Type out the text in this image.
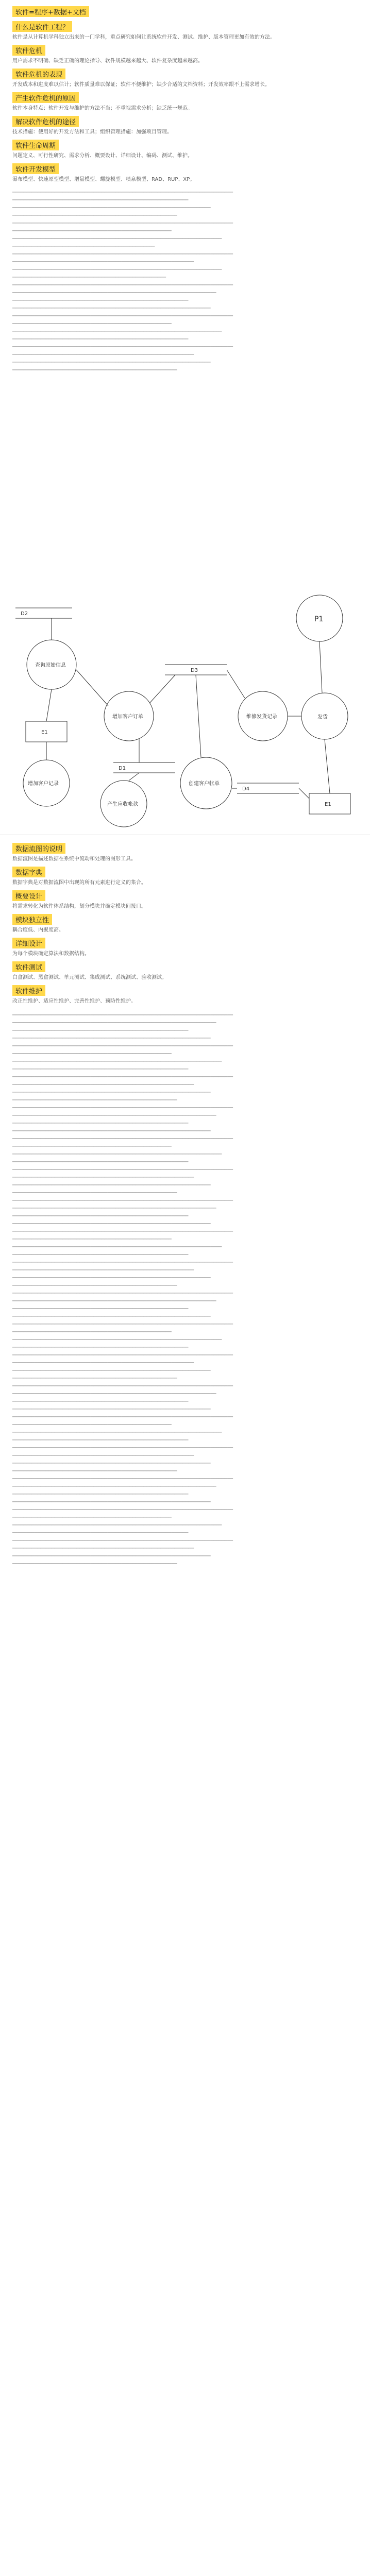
软件=程序+数据+文档
什么是软件工程？
软件是从计算机学科独立出来的一门学科，重点研究如何让系统软件开发、测试、维护、版本管理更加有效的方法。
软件危机
用户需求不明确、缺乏正确的理论指导、软件规模越来越大、软件复杂度越来越高。
软件危机的表现
开发成本和进度难以估计；软件质量难以保证；软件不便维护；缺少合适的文档资料；开发效率跟不上需求增长。
产生软件危机的原因
软件本身特点；软件开发与维护的方法不当；不重视需求分析；缺乏统一规范。
解决软件危机的途径
技术措施：使用好的开发方法和工具；组织管理措施：加强项目管理。
软件生命周期
问题定义、可行性研究、需求分析、概要设计、详细设计、编码、测试、维护。
软件开发模型
瀑布模型、快速原型模型、增量模型、螺旋模型、喷泉模型、RAD、RUP、XP。
───────────────────────────────────────────────────────────────────────────────
───────────────────────────────────────────────────────────────
───────────────────────────────────────────────────────────────────────
───────────────────────────────────────────────────────────
───────────────────────────────────────────────────────────────────────────────
─────────────────────────────────────────────────────────
───────────────────────────────────────────────────────────────────────────
───────────────────────────────────────────────────
───────────────────────────────────────────────────────────────────────────────
─────────────────────────────────────────────────────────────────
───────────────────────────────────────────────────────────────────────────
───────────────────────────────────────────────────────
───────────────────────────────────────────────────────────────────────────────
─────────────────────────────────────────────────────────────────────────
───────────────────────────────────────────────────────────────
───────────────────────────────────────────────────────────────────────
───────────────────────────────────────────────────────────────────────────────
─────────────────────────────────────────────────────────
───────────────────────────────────────────────────────────────────────────
───────────────────────────────────────────────────────────────
───────────────────────────────────────────────────────────────────────────────
─────────────────────────────────────────────────────────────────
───────────────────────────────────────────────────────────────────────
───────────────────────────────────────────────────────────
D2
查询原始信息
E1
增加客户记录
增加客户订单
D1
产生应收帐款
D3
创建客户帐单
P1
维修发货记录	发货
D4
E1
数据流图的说明
数据流图是描述数据在系统中流动和处理的图形工具。
数据字典
数据字典是对数据流图中出现的所有元素进行定义的集合。
概要设计
将需求转化为软件体系结构，划分模块并确定模块间接口。
模块独立性
耦合度低、内聚度高。
详细设计
为每个模块确定算法和数据结构。
软件测试
白盒测试、黑盒测试、单元测试、集成测试、系统测试、验收测试。
软件维护
改正性维护、适应性维护、完善性维护、预防性维护。
───────────────────────────────────────────────────────────────────────────────
─────────────────────────────────────────────────────────────────────────
───────────────────────────────────────────────────────────────
───────────────────────────────────────────────────────────────────────
───────────────────────────────────────────────────────────────────────────────
─────────────────────────────────────────────────────────
───────────────────────────────────────────────────────────────────────────
───────────────────────────────────────────────────────────────
───────────────────────────────────────────────────────────────────────────────
─────────────────────────────────────────────────────────────────
───────────────────────────────────────────────────────────────────────
───────────────────────────────────────────────────────────
───────────────────────────────────────────────────────────────────────────────
─────────────────────────────────────────────────────────────────────────
───────────────────────────────────────────────────────────────
───────────────────────────────────────────────────────────────────────
───────────────────────────────────────────────────────────────────────────────
─────────────────────────────────────────────────────────
───────────────────────────────────────────────────────────────────────────
───────────────────────────────────────────────────────────────
───────────────────────────────────────────────────────────────────────────────
─────────────────────────────────────────────────────────────────
───────────────────────────────────────────────────────────────────────
───────────────────────────────────────────────────────────
───────────────────────────────────────────────────────────────────────────────
─────────────────────────────────────────────────────────────────────────
───────────────────────────────────────────────────────────────
───────────────────────────────────────────────────────────────────────
───────────────────────────────────────────────────────────────────────────────
─────────────────────────────────────────────────────────
───────────────────────────────────────────────────────────────────────────
───────────────────────────────────────────────────────────────
───────────────────────────────────────────────────────────────────────────────
─────────────────────────────────────────────────────────────────
───────────────────────────────────────────────────────────────────────
───────────────────────────────────────────────────────────
───────────────────────────────────────────────────────────────────────────────
─────────────────────────────────────────────────────────────────────────
───────────────────────────────────────────────────────────────
───────────────────────────────────────────────────────────────────────
───────────────────────────────────────────────────────────────────────────────
─────────────────────────────────────────────────────────
───────────────────────────────────────────────────────────────────────────
───────────────────────────────────────────────────────────────
───────────────────────────────────────────────────────────────────────────────
─────────────────────────────────────────────────────────────────
───────────────────────────────────────────────────────────────────────
───────────────────────────────────────────────────────────
───────────────────────────────────────────────────────────────────────────────
─────────────────────────────────────────────────────────────────────────
───────────────────────────────────────────────────────────────
───────────────────────────────────────────────────────────────────────
───────────────────────────────────────────────────────────────────────────────
─────────────────────────────────────────────────────────
───────────────────────────────────────────────────────────────────────────
───────────────────────────────────────────────────────────────
───────────────────────────────────────────────────────────────────────────────
─────────────────────────────────────────────────────────────────
───────────────────────────────────────────────────────────────────────
───────────────────────────────────────────────────────────
───────────────────────────────────────────────────────────────────────────────
─────────────────────────────────────────────────────────────────────────
───────────────────────────────────────────────────────────────
───────────────────────────────────────────────────────────────────────
───────────────────────────────────────────────────────────────────────────────
─────────────────────────────────────────────────────────
───────────────────────────────────────────────────────────────────────────
───────────────────────────────────────────────────────────────
───────────────────────────────────────────────────────────────────────────────
─────────────────────────────────────────────────────────────────
───────────────────────────────────────────────────────────────────────
───────────────────────────────────────────────────────────
